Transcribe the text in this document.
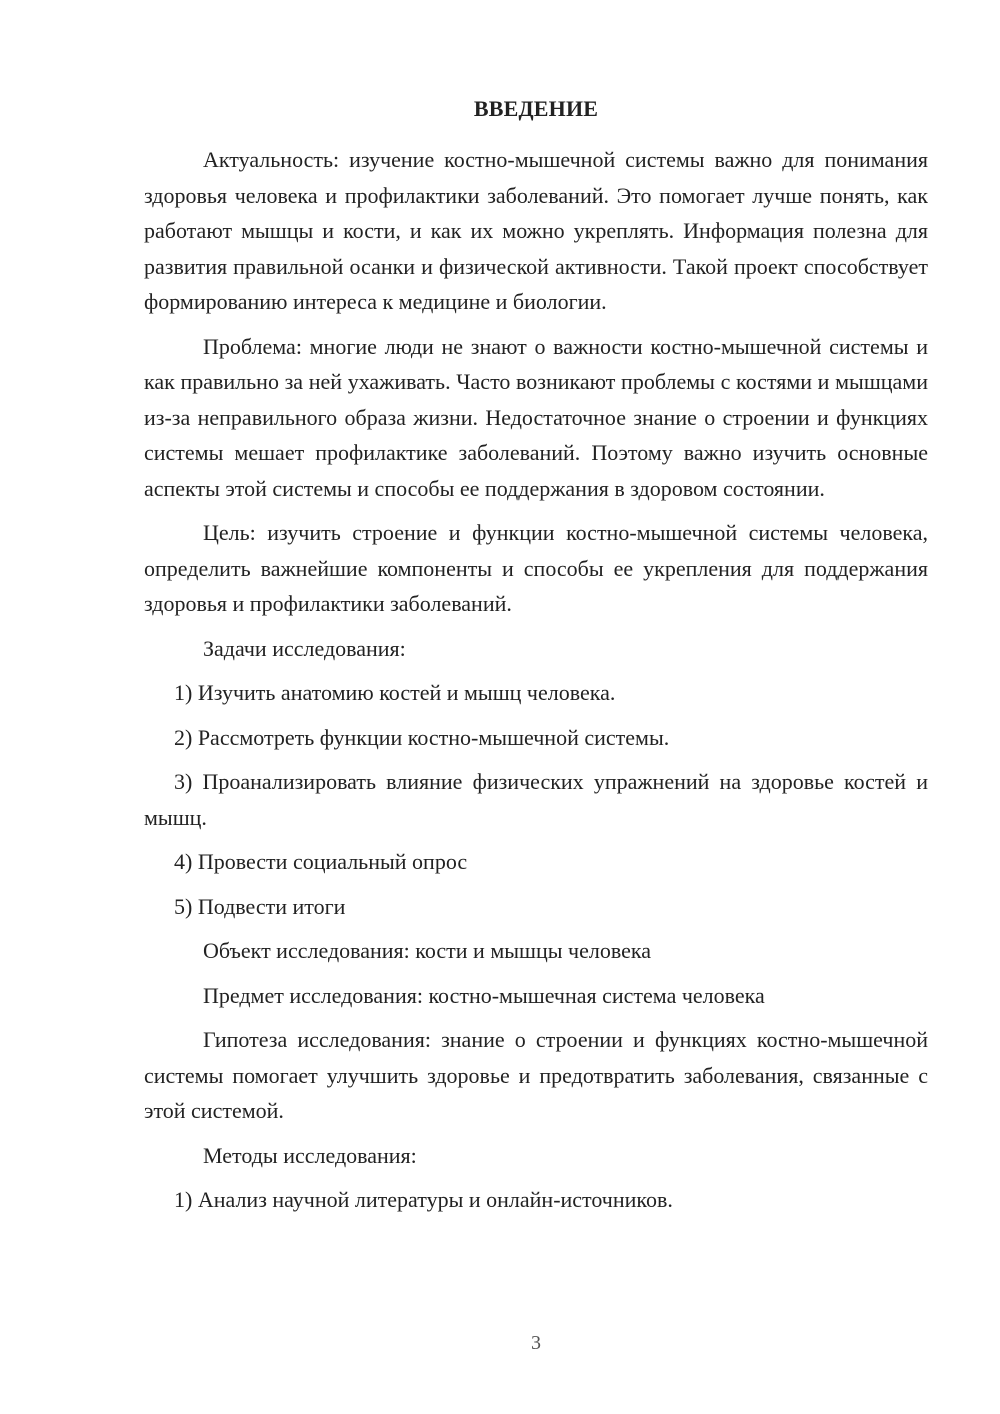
ВВЕДЕНИЕ

Актуальность: изучение костно-мышечной системы важно для понимания здоровья человека и профилактики заболеваний. Это помогает лучше понять, как работают мышцы и кости, и как их можно укреплять. Информация полезна для развития правильной осанки и физической активности. Такой проект способствует формированию интереса к медицине и биологии.

Проблема: многие люди не знают о важности костно-мышечной системы и как правильно за ней ухаживать. Часто возникают проблемы с костями и мышцами из-за неправильного образа жизни. Недостаточное знание о строении и функциях системы мешает профилактике заболеваний. Поэтому важно изучить основные аспекты этой системы и способы ее поддержания в здоровом состоянии.

Цель: изучить строение и функции костно-мышечной системы человека, определить важнейшие компоненты и способы ее укрепления для поддержания здоровья и профилактики заболеваний.

Задачи исследования:

1) Изучить анатомию костей и мышц человека.

2) Рассмотреть функции костно-мышечной системы.

3) Проанализировать влияние физических упражнений на здоровье костей и мышц.

4) Провести социальный опрос

5) Подвести итоги

Объект исследования: кости и мышцы человека

Предмет исследования: костно-мышечная система человека

Гипотеза исследования: знание о строении и функциях костно-мышечной системы помогает улучшить здоровье и предотвратить заболевания, связанные с этой системой.

Методы исследования:

1) Анализ научной литературы и онлайн-источников.

3
